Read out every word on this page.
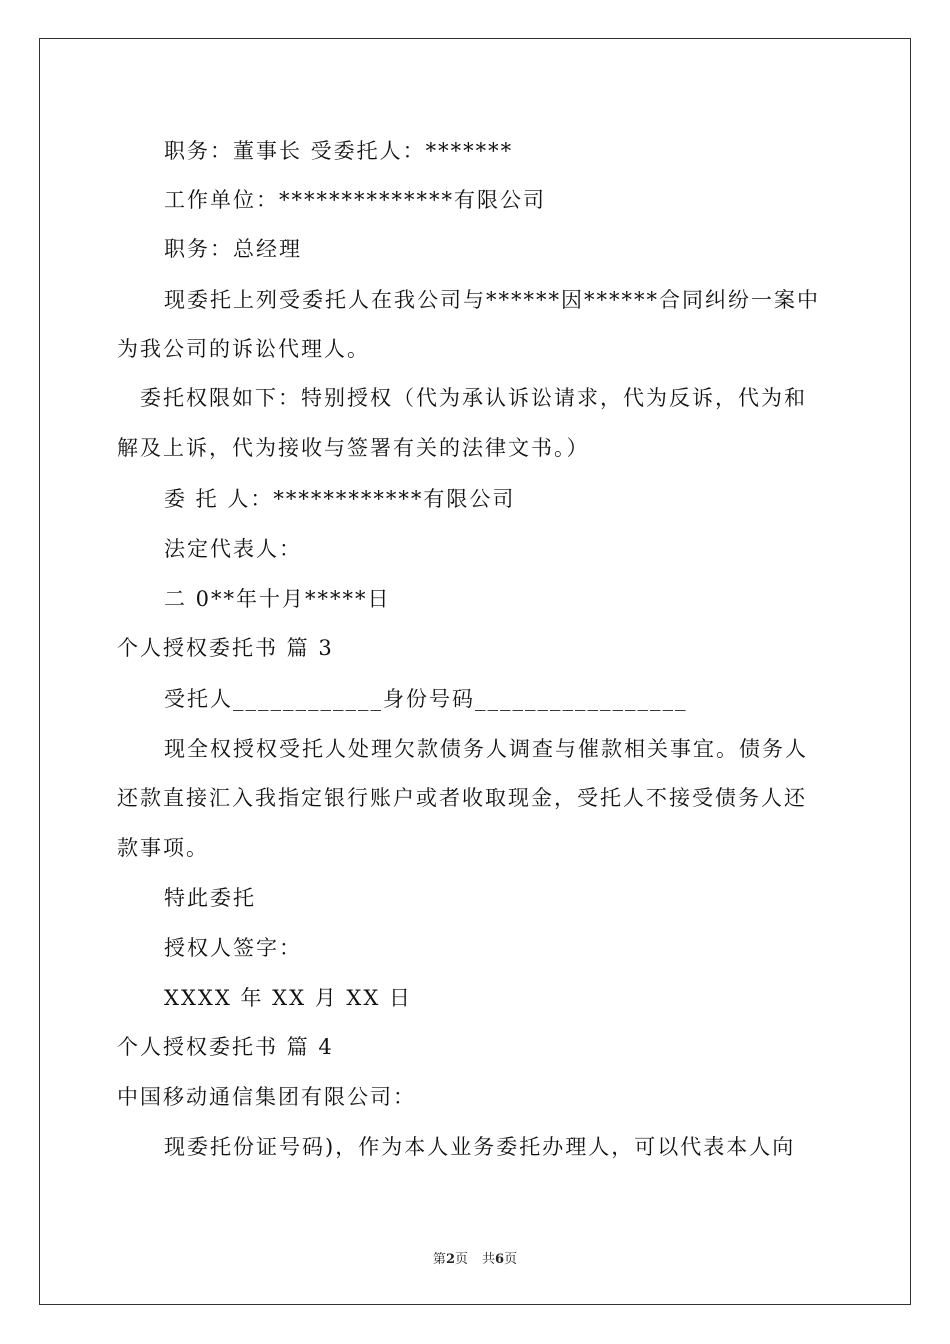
职务：董事长 受委托人：*******
工作单位：**************有限公司
职务：总经理
现委托上列受委托人在我公司与******因******合同纠纷一案中
为我公司的诉讼代理人。
委托权限如下：特别授权（代为承认诉讼请求，代为反诉，代为和
解及上诉，代为接收与签署有关的法律文书。）
委 托 人：************有限公司
法定代表人：
二 0**年十月*****日
个人授权委托书 篇 3
受托人____________身份号码_________________
现全权授权受托人处理欠款债务人调查与催款相关事宜。债务人
还款直接汇入我指定银行账户或者收取现金，受托人不接受债务人还
款事项。
特此委托
授权人签字：
XXXX 年 XX 月 XX 日
个人授权委托书 篇 4
中国移动通信集团有限公司：
现委托份证号码)，作为本人业务委托办理人，可以代表本人向
第2页 共6页
